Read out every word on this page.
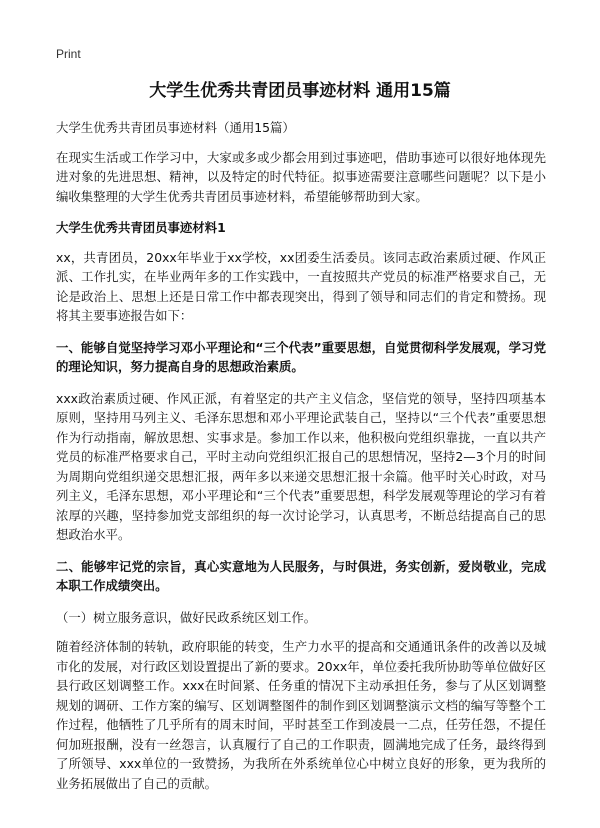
Print
大学生优秀共青团员事迹材料 通用15篇

大学生优秀共青团员事迹材料（通用15篇）

在现实生活或工作学习中，大家或多或少都会用到过事迹吧，借助事迹可以很好地体现先进对象的先进思想、精神，以及特定的时代特征。拟事迹需要注意哪些问题呢？以下是小编收集整理的大学生优秀共青团员事迹材料，希望能够帮助到大家。

大学生优秀共青团员事迹材料1

xx，共青团员，20xx年毕业于xx学校，xx团委生活委员。该同志政治素质过硬、作风正派、工作扎实，在毕业两年多的工作实践中，一直按照共产党员的标准严格要求自己，无论是政治上、思想上还是日常工作中都表现突出，得到了领导和同志们的肯定和赞扬。现将其主要事迹报告如下：

一、能够自觉坚持学习邓小平理论和“三个代表”重要思想，自觉贯彻科学发展观，学习党的理论知识，努力提高自身的思想政治素质。

xxx政治素质过硬、作风正派，有着坚定的共产主义信念，坚信党的领导，坚持四项基本原则，坚持用马列主义、毛泽东思想和邓小平理论武装自己，坚持以“三个代表”重要思想作为行动指南，解放思想、实事求是。参加工作以来，他积极向党组织靠拢，一直以共产党员的标准严格要求自己，平时主动向党组织汇报自己的思想情况，坚持2—3个月的时间为周期向党组织递交思想汇报，两年多以来递交思想汇报十余篇。他平时关心时政，对马列主义，毛泽东思想，邓小平理论和“三个代表”重要思想，科学发展观等理论的学习有着浓厚的兴趣，坚持参加党支部组织的每一次讨论学习，认真思考，不断总结提高自己的思想政治水平。

二、能够牢记党的宗旨，真心实意地为人民服务，与时俱进，务实创新，爱岗敬业，完成本职工作成绩突出。

（一）树立服务意识，做好民政系统区划工作。

随着经济体制的转轨，政府职能的转变，生产力水平的提高和交通通讯条件的改善以及城市化的发展，对行政区划设置提出了新的要求。20xx年，单位委托我所协助等单位做好区县行政区划调整工作。xxx在时间紧、任务重的情况下主动承担任务，参与了从区划调整规划的调研、工作方案的编写、区划调整图件的制作到区划调整演示文档的编写等整个工作过程，他牺牲了几乎所有的周末时间，平时甚至工作到凌晨一二点，任劳任怨，不提任何加班报酬，没有一丝怨言，认真履行了自己的工作职责，圆满地完成了任务，最终得到了所领导、xxx单位的一致赞扬，为我所在外系统单位心中树立良好的形象，更为我所的业务拓展做出了自己的贡献。
